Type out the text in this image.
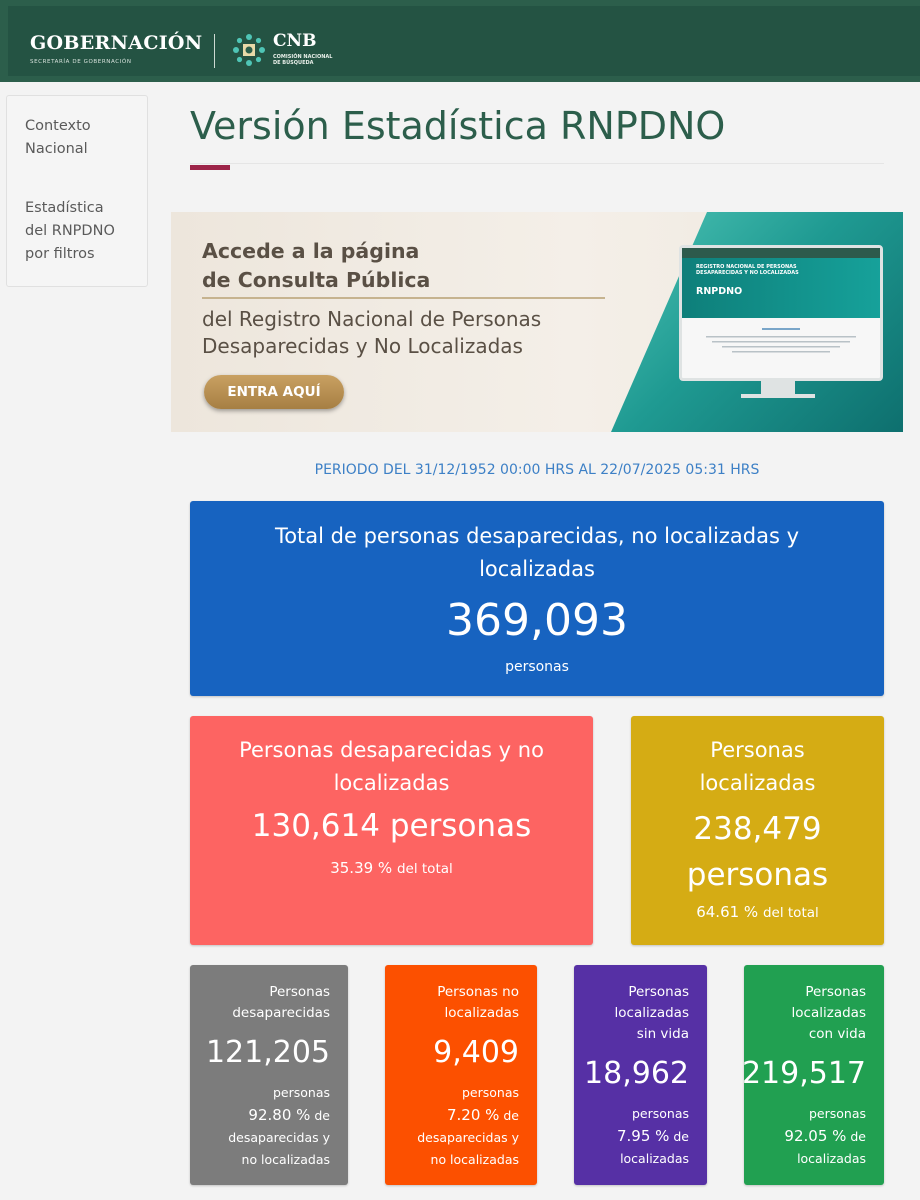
GOBERNACIÓN
SECRETARÍA DE GOBERNACIÓN
CNB
COMISIÓN NACIONAL
DE BÚSQUEDA
Contexto
Nacional
Estadística
del RNPDNO
por filtros
Versión Estadística RNPDNO
Accede a la página
de Consulta Pública
del Registro Nacional de Personas
Desaparecidas y No Localizadas
ENTRA AQUÍ
REGISTRO NACIONAL DE PERSONAS
DESAPARECIDAS Y NO LOCALIZADAS
RNPDNO
PERIODO DEL 31/12/1952 00:00 HRS AL 22/07/2025 05:31 HRS
Total de personas desaparecidas, no localizadas y
localizadas
369,093
personas
Personas desaparecidas y no
localizadas
130,614 personas
35.39 % del total
Personas
localizadas
238,479
personas
64.61 % del total
Personas
desaparecidas
121,205
personas
92.80 % de
desaparecidas y
no localizadas
Personas no
localizadas
9,409
personas
7.20 % de
desaparecidas y
no localizadas
Personas
localizadas
sin vida
18,962
personas
7.95 % de
localizadas
Personas
localizadas
con vida
219,517
personas
92.05 % de
localizadas
